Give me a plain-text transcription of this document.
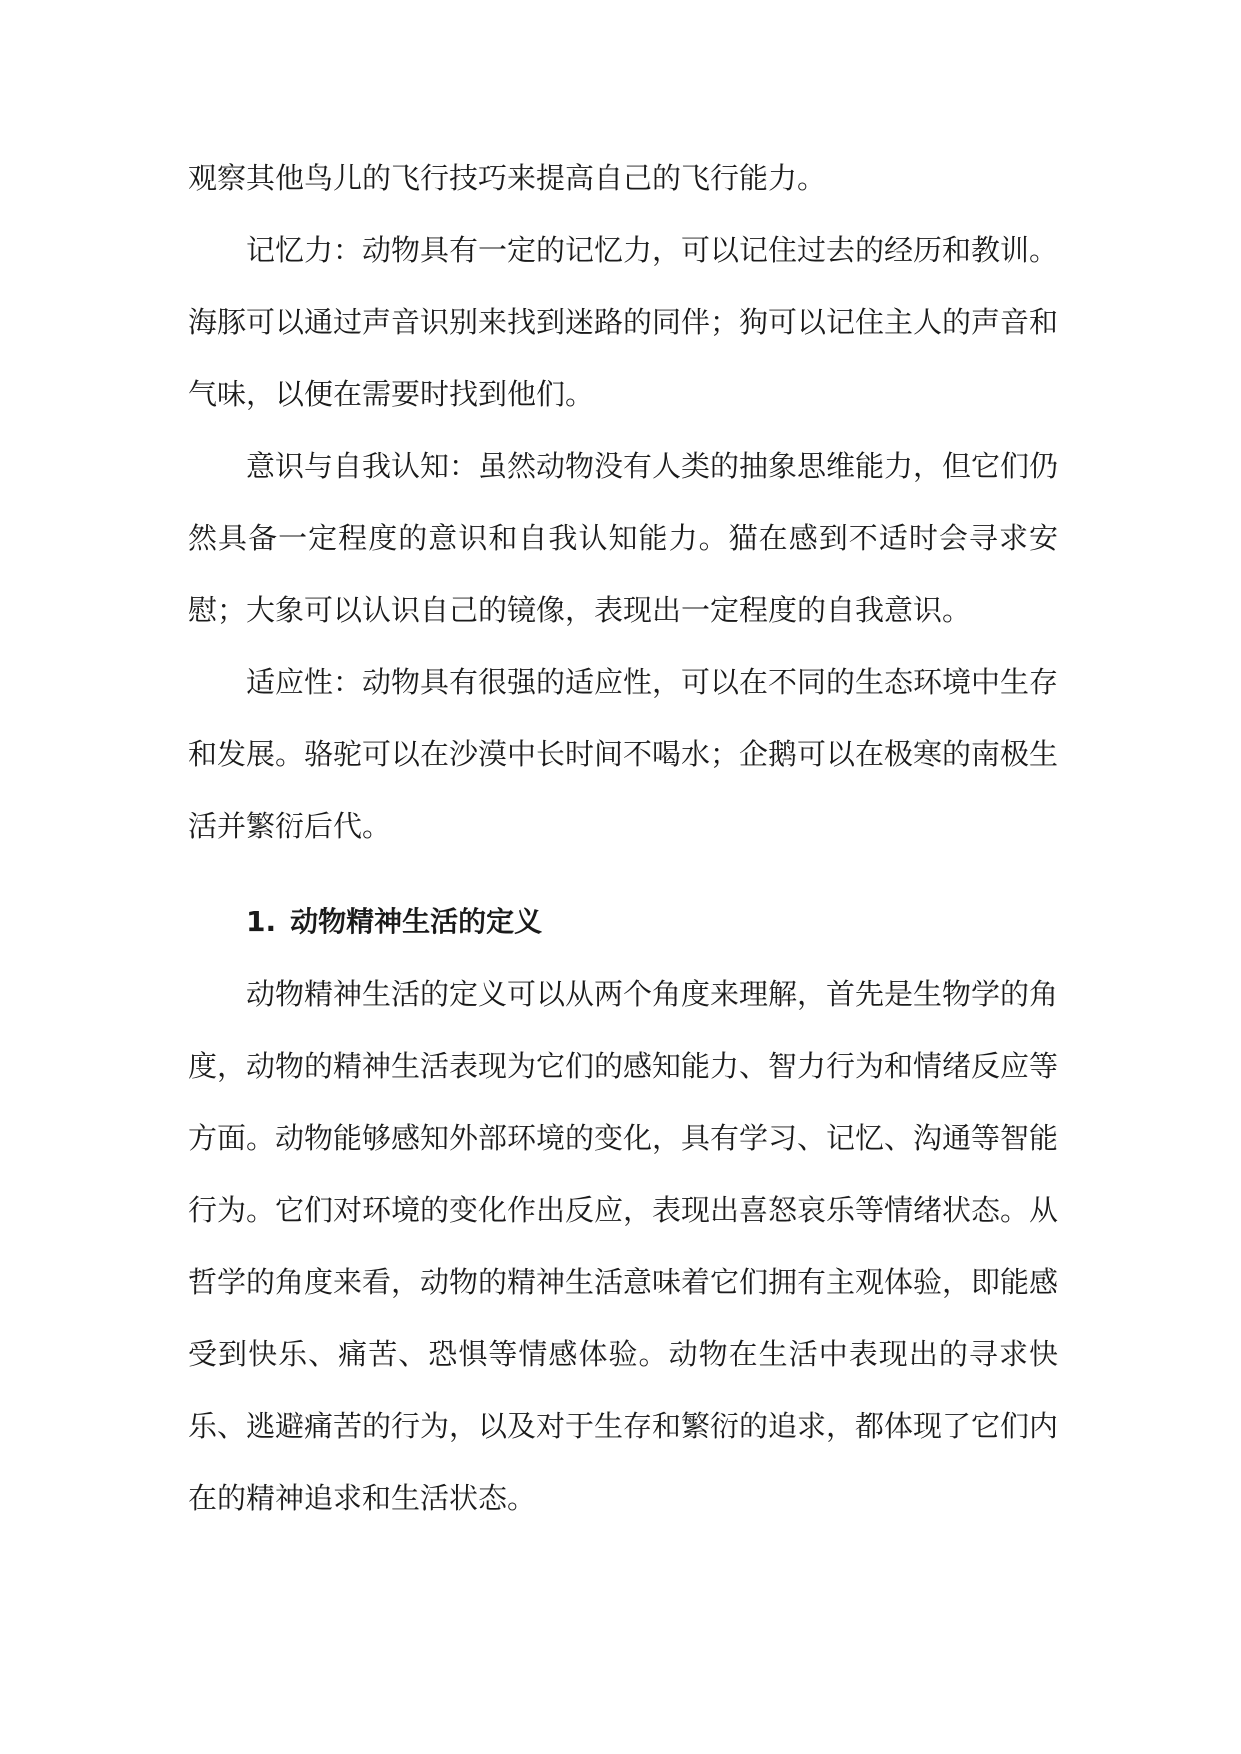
观察其他鸟儿的飞行技巧来提高自己的飞行能力。

记忆力：动物具有一定的记忆力，可以记住过去的经历和教训。海豚可以通过声音识别来找到迷路的同伴；狗可以记住主人的声音和气味，以便在需要时找到他们。

意识与自我认知：虽然动物没有人类的抽象思维能力，但它们仍然具备一定程度的意识和自我认知能力。猫在感到不适时会寻求安慰；大象可以认识自己的镜像，表现出一定程度的自我意识。

适应性：动物具有很强的适应性，可以在不同的生态环境中生存和发展。骆驼可以在沙漠中长时间不喝水；企鹅可以在极寒的南极生活并繁衍后代。

1. 动物精神生活的定义

动物精神生活的定义可以从两个角度来理解，首先是生物学的角度，动物的精神生活表现为它们的感知能力、智力行为和情绪反应等方面。动物能够感知外部环境的变化，具有学习、记忆、沟通等智能行为。它们对环境的变化作出反应，表现出喜怒哀乐等情绪状态。从哲学的角度来看，动物的精神生活意味着它们拥有主观体验，即能感受到快乐、痛苦、恐惧等情感体验。动物在生活中表现出的寻求快乐、逃避痛苦的行为，以及对于生存和繁衍的追求，都体现了它们内在的精神追求和生活状态。
